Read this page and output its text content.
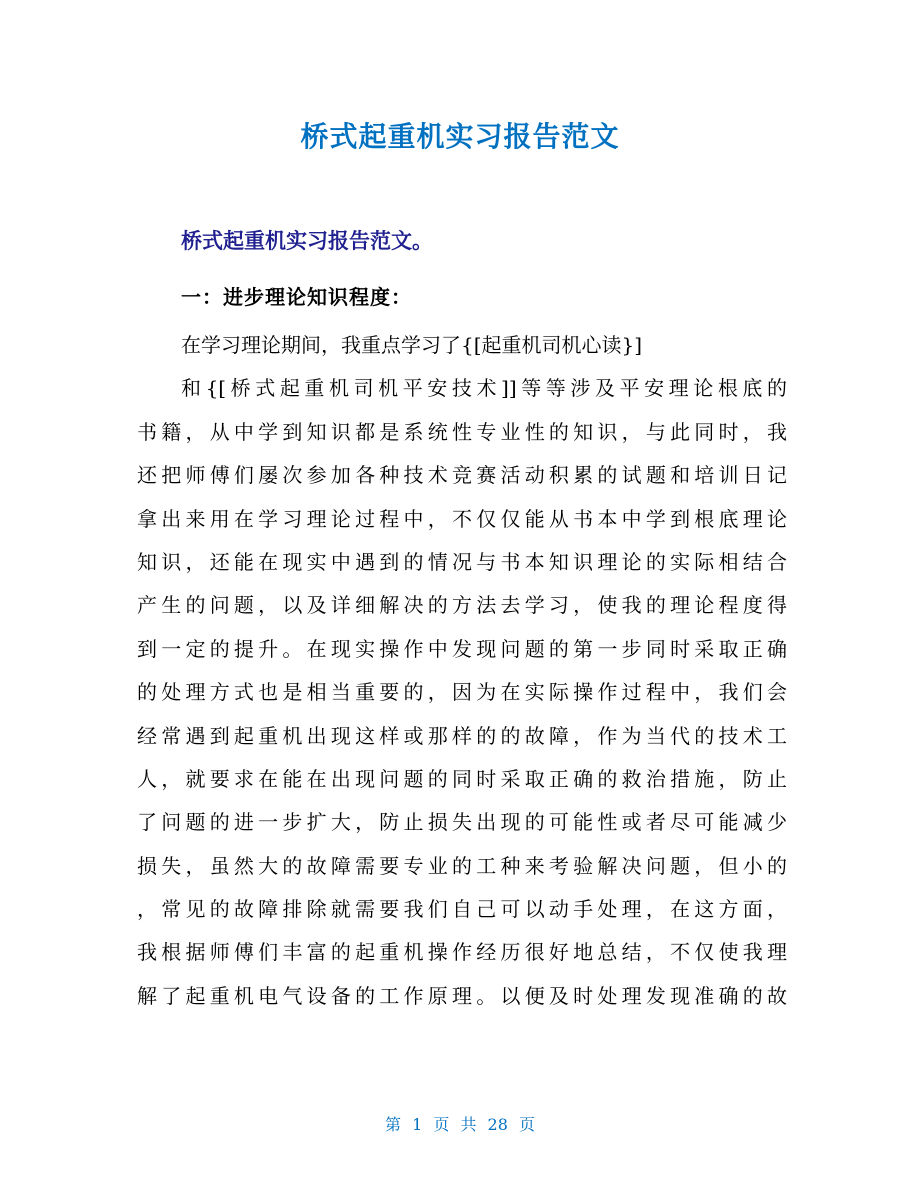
桥式起重机实习报告范文
桥式起重机实习报告范文。
一：进步理论知识程度：
在学习理论期间，我重点学习了{[起重机司机心读}]
和{[桥式起重机司机平安技术]]等等涉及平安理论根底的
书籍，从中学到知识都是系统性专业性的知识，与此同时，我
还把师傅们屡次参加各种技术竞赛活动积累的试题和培训日记
拿出来用在学习理论过程中，不仅仅能从书本中学到根底理论
知识，还能在现实中遇到的情况与书本知识理论的实际相结合
产生的问题，以及详细解决的方法去学习，使我的理论程度得
到一定的提升。在现实操作中发现问题的第一步同时采取正确
的处理方式也是相当重要的，因为在实际操作过程中，我们会
经常遇到起重机出现这样或那样的的故障，作为当代的技术工
人，就要求在能在出现问题的同时采取正确的救治措施，防止
了问题的进一步扩大，防止损失出现的可能性或者尽可能减少
损失，虽然大的故障需要专业的工种来考验解决问题，但小的
，常见的故障排除就需要我们自己可以动手处理，在这方面，
我根据师傅们丰富的起重机操作经历很好地总结，不仅使我理
解了起重机电气设备的工作原理。以便及时处理发现准确的故
第 1 页 共 28 页
